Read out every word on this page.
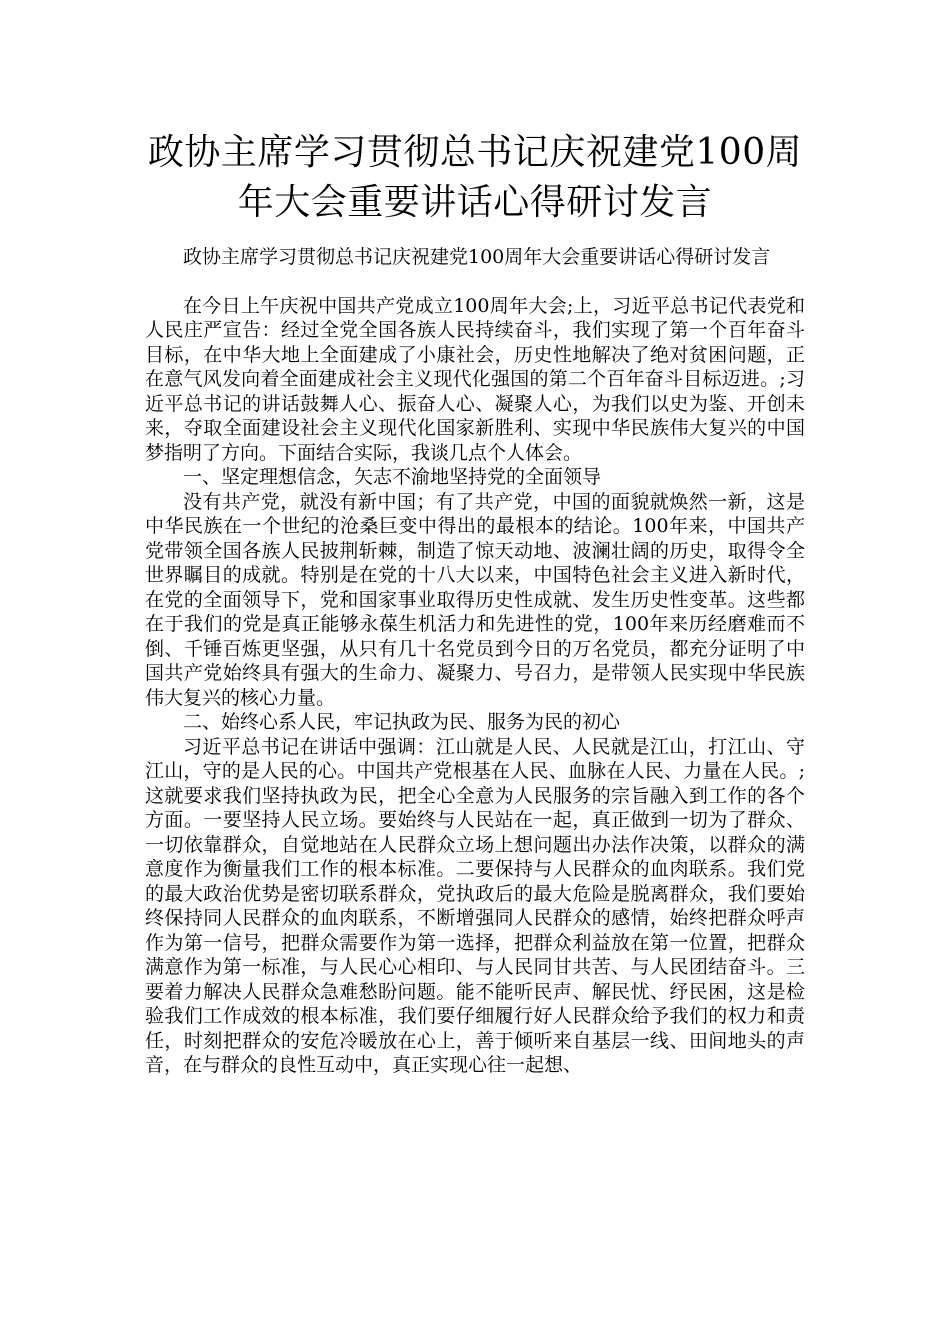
政协主席学习贯彻总书记庆祝建党100周
年大会重要讲话心得研讨发言

政协主席学习贯彻总书记庆祝建党100周年大会重要讲话心得研讨发言

在今日上午庆祝中国共产党成立100周年大会;上，习近平总书记代表党和人民庄严宣告：经过全党全国各族人民持续奋斗，我们实现了第一个百年奋斗目标，在中华大地上全面建成了小康社会，历史性地解决了绝对贫困问题，正在意气风发向着全面建成社会主义现代化强国的第二个百年奋斗目标迈进。;习近平总书记的讲话鼓舞人心、振奋人心、凝聚人心，为我们以史为鉴、开创未来，夺取全面建设社会主义现代化国家新胜利、实现中华民族伟大复兴的中国梦指明了方向。下面结合实际，我谈几点个人体会。

一、坚定理想信念，矢志不渝地坚持党的全面领导

没有共产党，就没有新中国；有了共产党，中国的面貌就焕然一新，这是中华民族在一个世纪的沧桑巨变中得出的最根本的结论。100年来，中国共产党带领全国各族人民披荆斩棘，制造了惊天动地、波澜壮阔的历史，取得令全世界瞩目的成就。特别是在党的十八大以来，中国特色社会主义进入新时代，在党的全面领导下，党和国家事业取得历史性成就、发生历史性变革。这些都在于我们的党是真正能够永葆生机活力和先进性的党，100年来历经磨难而不倒、千锤百炼更坚强，从只有几十名党员到今日的万名党员，都充分证明了中国共产党始终具有强大的生命力、凝聚力、号召力，是带领人民实现中华民族伟大复兴的核心力量。

二、始终心系人民，牢记执政为民、服务为民的初心

习近平总书记在讲话中强调：江山就是人民、人民就是江山，打江山、守江山，守的是人民的心。中国共产党根基在人民、血脉在人民、力量在人民。;这就要求我们坚持执政为民，把全心全意为人民服务的宗旨融入到工作的各个方面。一要坚持人民立场。要始终与人民站在一起，真正做到一切为了群众、一切依靠群众，自觉地站在人民群众立场上想问题出办法作决策，以群众的满意度作为衡量我们工作的根本标准。二要保持与人民群众的血肉联系。我们党的最大政治优势是密切联系群众，党执政后的最大危险是脱离群众，我们要始终保持同人民群众的血肉联系，不断增强同人民群众的感情，始终把群众呼声作为第一信号，把群众需要作为第一选择，把群众利益放在第一位置，把群众满意作为第一标准，与人民心心相印、与人民同甘共苦、与人民团结奋斗。三要着力解决人民群众急难愁盼问题。能不能听民声、解民忧、纾民困，这是检验我们工作成效的根本标准，我们要仔细履行好人民群众给予我们的权力和责任，时刻把群众的安危冷暖放在心上，善于倾听来自基层一线、田间地头的声音，在与群众的良性互动中，真正实现心往一起想、
